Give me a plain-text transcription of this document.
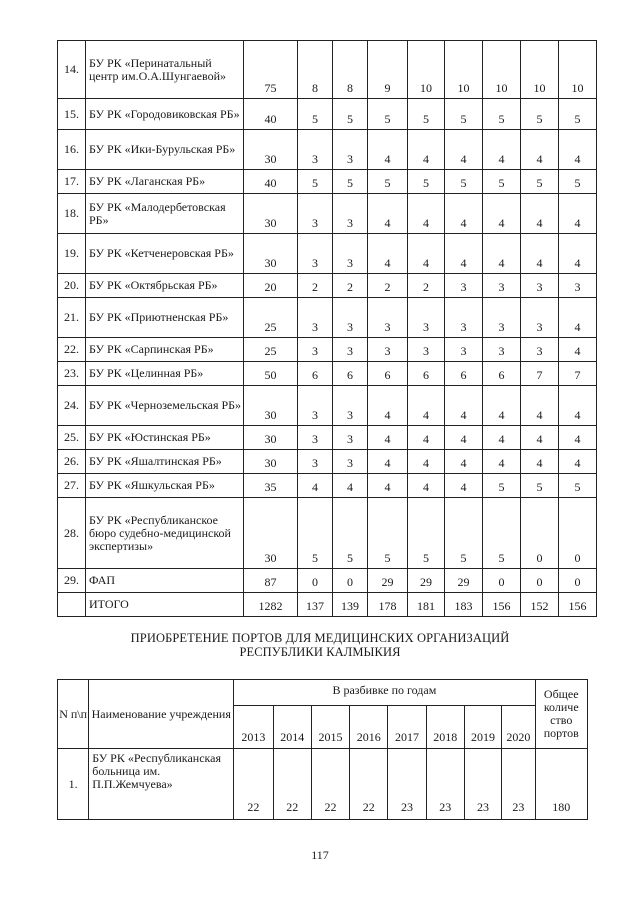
14.	БУ РК «Перинатальный центр им.О.А.Шунгаевой»	75	8	8	9	10	10	10	10	10
15.	БУ РК «Городовиковская РБ»	40	5	5	5	5	5	5	5	5
16.	БУ РК «Ики-Бурульская РБ»	30	3	3	4	4	4	4	4	4
17.	БУ РК «Лаганская РБ»	40	5	5	5	5	5	5	5	5
18.	БУ РК «Малодербетовская РБ»	30	3	3	4	4	4	4	4	4
19.	БУ РК «Кетченеровская РБ»	30	3	3	4	4	4	4	4	4
20.	БУ РК «Октябрьская РБ»	20	2	2	2	2	3	3	3	3
21.	БУ РК «Приютненская РБ»	25	3	3	3	3	3	3	3	4
22.	БУ РК «Сарпинская РБ»	25	3	3	3	3	3	3	3	4
23.	БУ РК «Целинная РБ»	50	6	6	6	6	6	6	7	7
24.	БУ РК «Черноземельская РБ»	30	3	3	4	4	4	4	4	4
25.	БУ РК «Юстинская РБ»	30	3	3	4	4	4	4	4	4
26.	БУ РК «Яшалтинская РБ»	30	3	3	4	4	4	4	4	4
27.	БУ РК «Яшкульская РБ»	35	4	4	4	4	4	5	5	5
28.	БУ РК «Республиканское бюро судебно-медицинской экспертизы»	30	5	5	5	5	5	5	0	0
29.	ФАП	87	0	0	29	29	29	0	0	0
	ИТОГО	1282	137	139	178	181	183	156	152	156
ПРИОБРЕТЕНИЕ ПОРТОВ ДЛЯ МЕДИЦИНСКИХ ОРГАНИЗАЦИЙ
РЕСПУБЛИКИ КАЛМЫКИЯ
N п\п	Наименование учреждения	В разбивке по годам								Общее количе ство портов
		2013	2014	2015	2016	2017	2018	2019	2020	
1.	БУ РК «Республиканская больница им. П.П.Жемчуева»	22	22	22	22	23	23	23	23	180
117
